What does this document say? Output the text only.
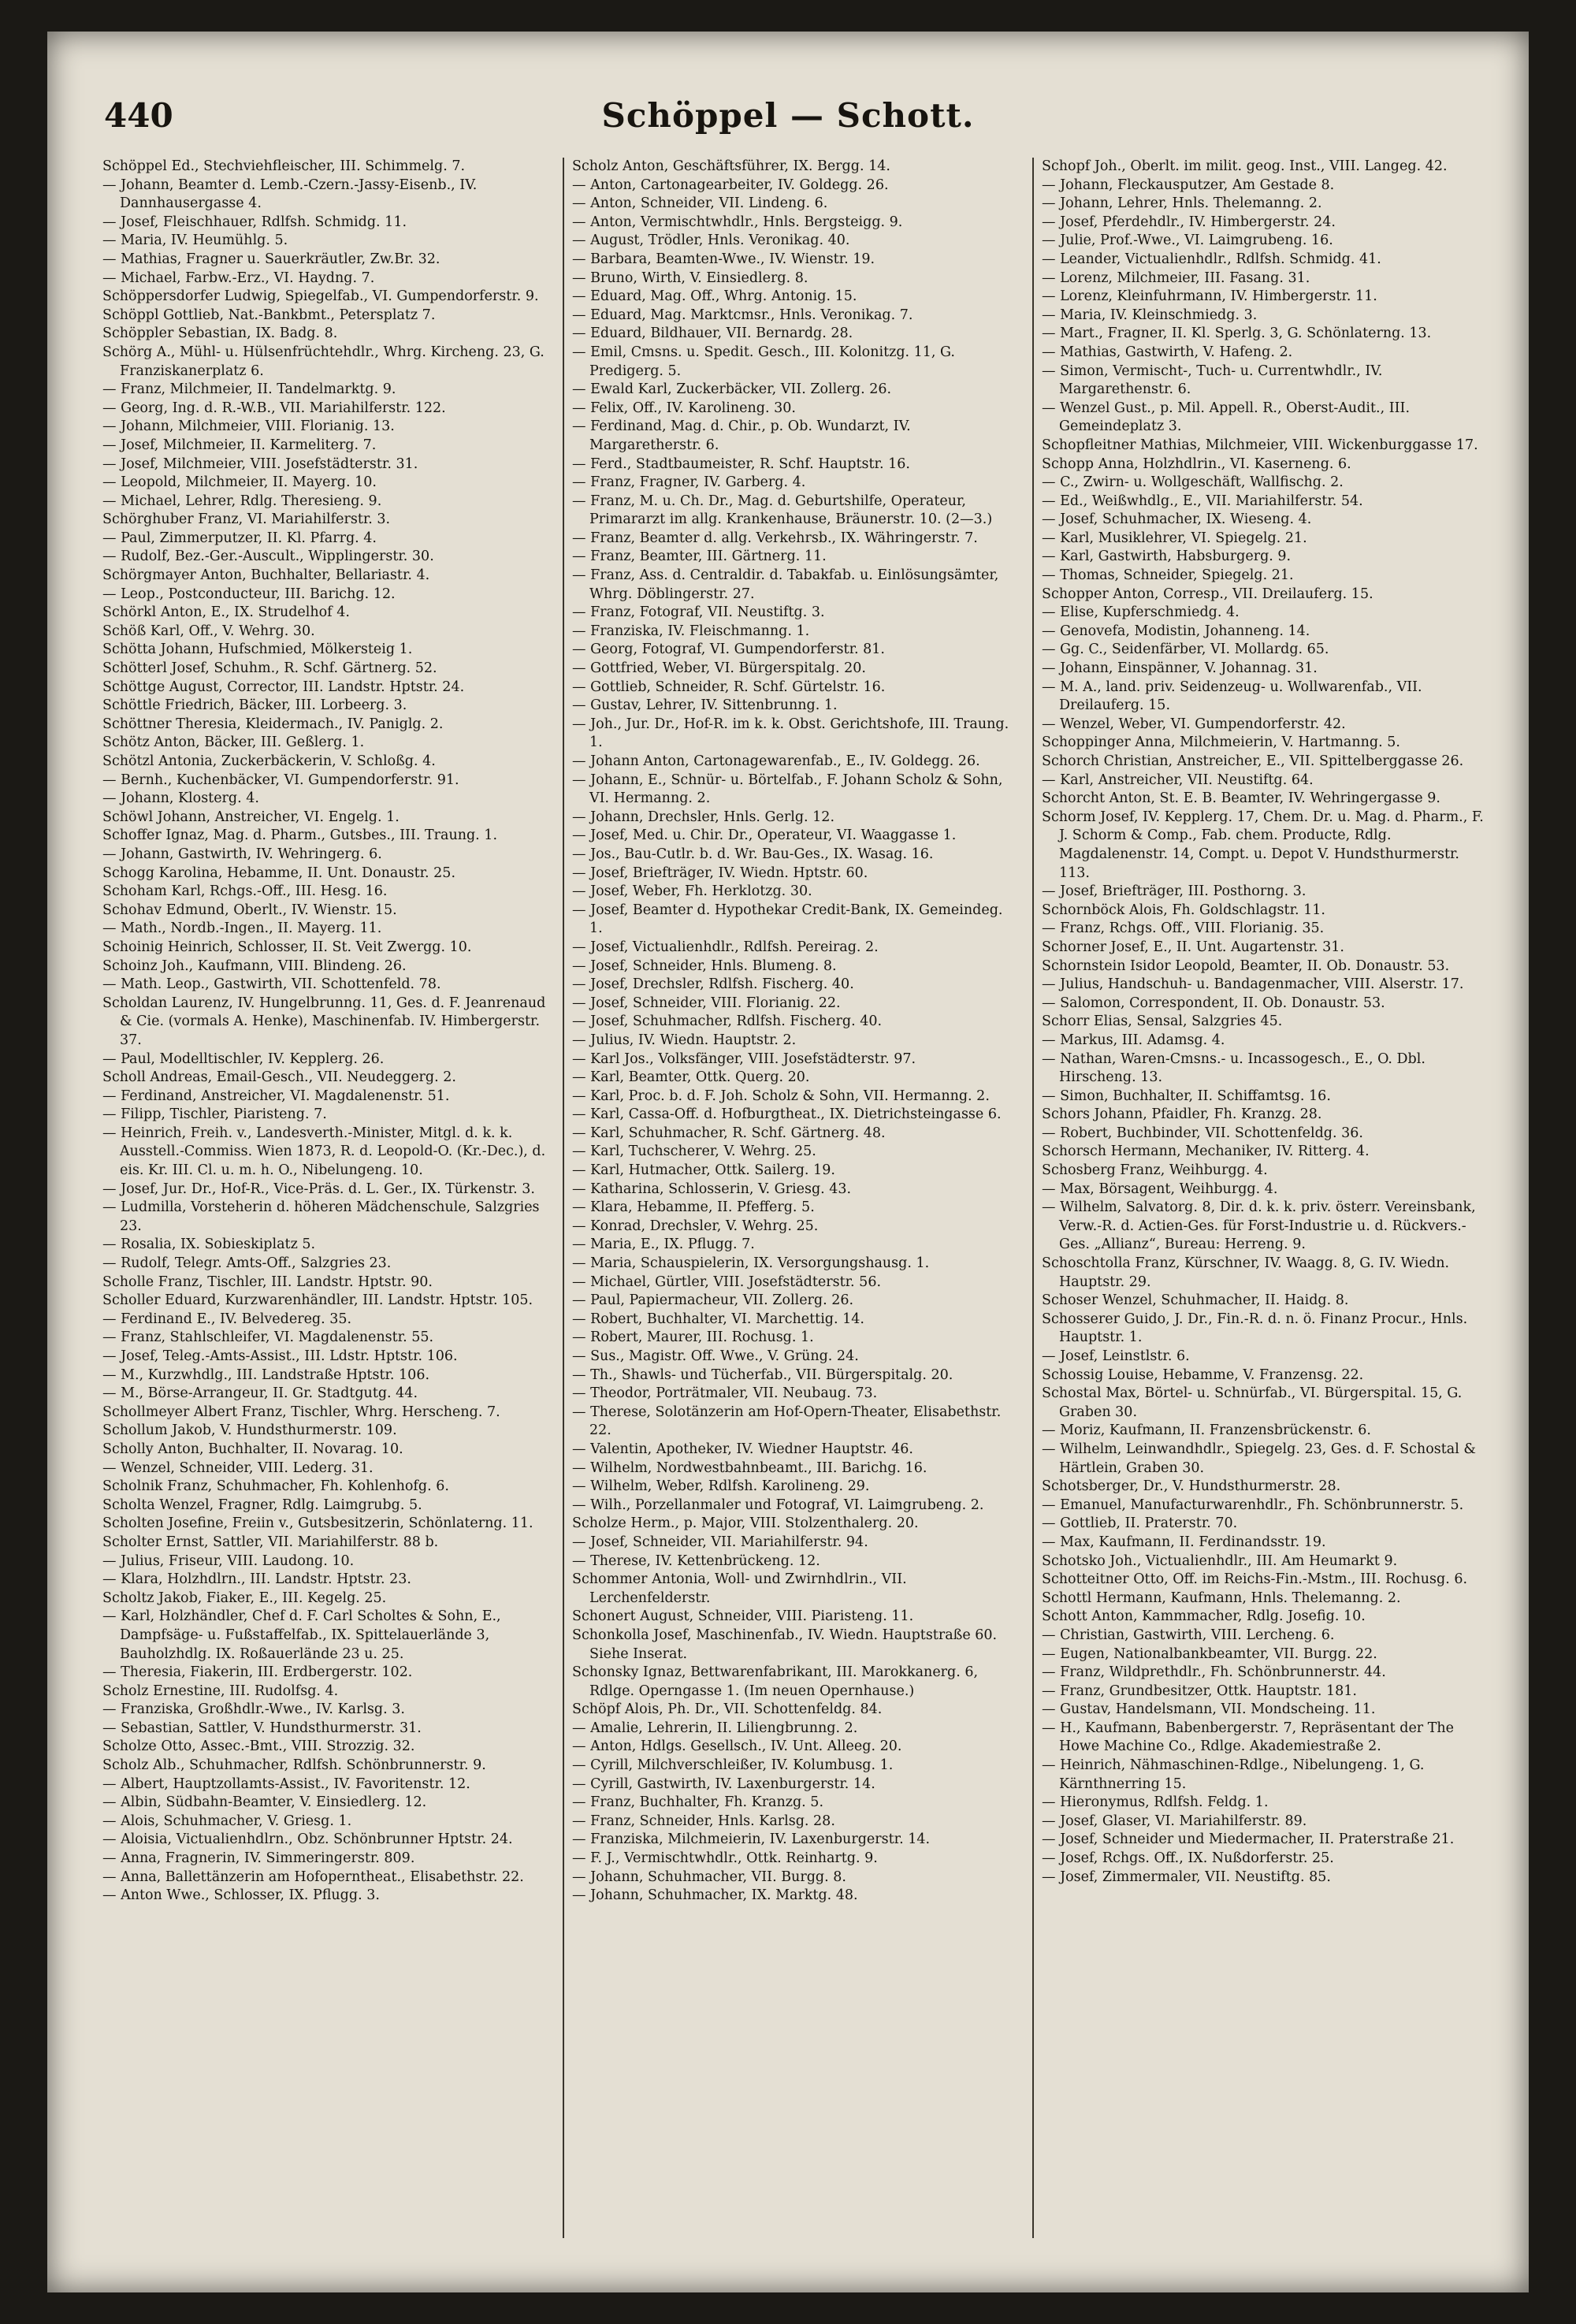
440	Schöppel — Schott.
Schöppel Ed., Stechviehfleischer, III. Schimmelg. 7.
— Johann, Beamter d. Lemb.-Czern.-Jassy-Eisenb., IV. Dannhausergasse 4.
— Josef, Fleischhauer, Rdlfsh. Schmidg. 11.
— Maria, IV. Heumühlg. 5.
— Mathias, Fragner u. Sauerkräutler, Zw.Br. 32.
— Michael, Farbw.-Erz., VI. Haydng. 7.
Schöppersdorfer Ludwig, Spiegelfab., VI. Gumpendorferstr. 9.
Schöppl Gottlieb, Nat.-Bankbmt., Petersplatz 7.
Schöppler Sebastian, IX. Badg. 8.
Schörg A., Mühl- u. Hülsenfrüchtehdlr., Whrg. Kircheng. 23, G. Franziskanerplatz 6.
— Franz, Milchmeier, II. Tandelmarktg. 9.
— Georg, Ing. d. R.-W.B., VII. Mariahilferstr. 122.
— Johann, Milchmeier, VIII. Florianig. 13.
— Josef, Milchmeier, II. Karmeliterg. 7.
— Josef, Milchmeier, VIII. Josefstädterstr. 31.
— Leopold, Milchmeier, II. Mayerg. 10.
— Michael, Lehrer, Rdlg. Theresieng. 9.
Schörghuber Franz, VI. Mariahilferstr. 3.
— Paul, Zimmerputzer, II. Kl. Pfarrg. 4.
— Rudolf, Bez.-Ger.-Auscult., Wipplingerstr. 30.
Schörgmayer Anton, Buchhalter, Bellariastr. 4.
— Leop., Postconducteur, III. Barichg. 12.
Schörkl Anton, E., IX. Strudelhof 4.
Schöß Karl, Off., V. Wehrg. 30.
Schötta Johann, Hufschmied, Mölkersteig 1.
Schötterl Josef, Schuhm., R. Schf. Gärtnerg. 52.
Schöttge August, Corrector, III. Landstr. Hptstr. 24.
Schöttle Friedrich, Bäcker, III. Lorbeerg. 3.
Schöttner Theresia, Kleidermach., IV. Paniglg. 2.
Schötz Anton, Bäcker, III. Geßlerg. 1.
Schötzl Antonia, Zuckerbäckerin, V. Schloßg. 4.
— Bernh., Kuchenbäcker, VI. Gumpendorferstr. 91.
— Johann, Klosterg. 4.
Schöwl Johann, Anstreicher, VI. Engelg. 1.
Schoffer Ignaz, Mag. d. Pharm., Gutsbes., III. Traung. 1.
— Johann, Gastwirth, IV. Wehringerg. 6.
Schogg Karolina, Hebamme, II. Unt. Donaustr. 25.
Schoham Karl, Rchgs.-Off., III. Hesg. 16.
Schohav Edmund, Oberlt., IV. Wienstr. 15.
— Math., Nordb.-Ingen., II. Mayerg. 11.
Schoinig Heinrich, Schlosser, II. St. Veit Zwergg. 10.
Schoinz Joh., Kaufmann, VIII. Blindeng. 26.
— Math. Leop., Gastwirth, VII. Schottenfeld. 78.
Scholdan Laurenz, IV. Hungelbrunng. 11, Ges. d. F. Jeanrenaud & Cie. (vormals A. Henke), Maschinenfab. IV. Himbergerstr. 37.
— Paul, Modelltischler, IV. Kepplerg. 26.
Scholl Andreas, Email-Gesch., VII. Neudeggerg. 2.
— Ferdinand, Anstreicher, VI. Magdalenenstr. 51.
— Filipp, Tischler, Piaristeng. 7.
— Heinrich, Freih. v., Landesverth.-Minister, Mitgl. d. k. k. Ausstell.-Commiss. Wien 1873, R. d. Leopold-O. (Kr.-Dec.), d. eis. Kr. III. Cl. u. m. h. O., Nibelungeng. 10.
— Josef, Jur. Dr., Hof-R., Vice-Präs. d. L. Ger., IX. Türkenstr. 3.
— Ludmilla, Vorsteherin d. höheren Mädchenschule, Salzgries 23.
— Rosalia, IX. Sobieskiplatz 5.
— Rudolf, Telegr. Amts-Off., Salzgries 23.
Scholle Franz, Tischler, III. Landstr. Hptstr. 90.
Scholler Eduard, Kurzwarenhändler, III. Landstr. Hptstr. 105.
— Ferdinand E., IV. Belvedereg. 35.
— Franz, Stahlschleifer, VI. Magdalenenstr. 55.
— Josef, Teleg.-Amts-Assist., III. Ldstr. Hptstr. 106.
— M., Kurzwhdlg., III. Landstraße Hptstr. 106.
— M., Börse-Arrangeur, II. Gr. Stadtgutg. 44.
Schollmeyer Albert Franz, Tischler, Whrg. Herscheng. 7.
Schollum Jakob, V. Hundsthurmerstr. 109.
Scholly Anton, Buchhalter, II. Novarag. 10.
— Wenzel, Schneider, VIII. Lederg. 31.
Scholnik Franz, Schuhmacher, Fh. Kohlenhofg. 6.
Scholta Wenzel, Fragner, Rdlg. Laimgrubg. 5.
Scholten Josefine, Freiin v., Gutsbesitzerin, Schönlaterng. 11.
Scholter Ernst, Sattler, VII. Mariahilferstr. 88 b.
— Julius, Friseur, VIII. Laudong. 10.
— Klara, Holzhdlrn., III. Landstr. Hptstr. 23.
Scholtz Jakob, Fiaker, E., III. Kegelg. 25.
— Karl, Holzhändler, Chef d. F. Carl Scholtes & Sohn, E., Dampfsäge- u. Fußstaffelfab., IX. Spittelauerlände 3, Bauholzhdlg. IX. Roßauerlände 23 u. 25.
— Theresia, Fiakerin, III. Erdbergerstr. 102.
Scholz Ernestine, III. Rudolfsg. 4.
— Franziska, Großhdlr.-Wwe., IV. Karlsg. 3.
— Sebastian, Sattler, V. Hundsthurmerstr. 31.
Scholze Otto, Assec.-Bmt., VIII. Strozzig. 32.
Scholz Alb., Schuhmacher, Rdlfsh. Schönbrunnerstr. 9.
— Albert, Hauptzollamts-Assist., IV. Favoritenstr. 12.
— Albin, Südbahn-Beamter, V. Einsiedlerg. 12.
— Alois, Schuhmacher, V. Griesg. 1.
— Aloisia, Victualienhdlrn., Obz. Schönbrunner Hptstr. 24.
— Anna, Fragnerin, IV. Simmeringerstr. 809.
— Anna, Ballettänzerin am Hofoperntheat., Elisabethstr. 22.
— Anton Wwe., Schlosser, IX. Pflugg. 3.
Scholz Anton, Geschäftsführer, IX. Bergg. 14.
— Anton, Cartonagearbeiter, IV. Goldegg. 26.
— Anton, Schneider, VII. Lindeng. 6.
— Anton, Vermischtwhdlr., Hnls. Bergsteigg. 9.
— August, Trödler, Hnls. Veronikag. 40.
— Barbara, Beamten-Wwe., IV. Wienstr. 19.
— Bruno, Wirth, V. Einsiedlerg. 8.
— Eduard, Mag. Off., Whrg. Antonig. 15.
— Eduard, Mag. Marktcmsr., Hnls. Veronikag. 7.
— Eduard, Bildhauer, VII. Bernardg. 28.
— Emil, Cmsns. u. Spedit. Gesch., III. Kolonitzg. 11, G. Predigerg. 5.
— Ewald Karl, Zuckerbäcker, VII. Zollerg. 26.
— Felix, Off., IV. Karolineng. 30.
— Ferdinand, Mag. d. Chir., p. Ob. Wundarzt, IV. Margaretherstr. 6.
— Ferd., Stadtbaumeister, R. Schf. Hauptstr. 16.
— Franz, Fragner, IV. Garberg. 4.
— Franz, M. u. Ch. Dr., Mag. d. Geburtshilfe, Operateur, Primararzt im allg. Krankenhause, Bräunerstr. 10. (2—3.)
— Franz, Beamter d. allg. Verkehrsb., IX. Währingerstr. 7.
— Franz, Beamter, III. Gärtnerg. 11.
— Franz, Ass. d. Centraldir. d. Tabakfab. u. Einlösungsämter, Whrg. Döblingerstr. 27.
— Franz, Fotograf, VII. Neustiftg. 3.
— Franziska, IV. Fleischmanng. 1.
— Georg, Fotograf, VI. Gumpendorferstr. 81.
— Gottfried, Weber, VI. Bürgerspitalg. 20.
— Gottlieb, Schneider, R. Schf. Gürtelstr. 16.
— Gustav, Lehrer, IV. Sittenbrunng. 1.
— Joh., Jur. Dr., Hof-R. im k. k. Obst. Gerichtshofe, III. Traung. 1.
— Johann Anton, Cartonagewarenfab., E., IV. Goldegg. 26.
— Johann, E., Schnür- u. Börtelfab., F. Johann Scholz & Sohn, VI. Hermanng. 2.
— Johann, Drechsler, Hnls. Gerlg. 12.
— Josef, Med. u. Chir. Dr., Operateur, VI. Waaggasse 1.
— Jos., Bau-Cutlr. b. d. Wr. Bau-Ges., IX. Wasag. 16.
— Josef, Briefträger, IV. Wiedn. Hptstr. 60.
— Josef, Weber, Fh. Herklotzg. 30.
— Josef, Beamter d. Hypothekar Credit-Bank, IX. Gemeindeg. 1.
— Josef, Victualienhdlr., Rdlfsh. Pereirag. 2.
— Josef, Schneider, Hnls. Blumeng. 8.
— Josef, Drechsler, Rdlfsh. Fischerg. 40.
— Josef, Schneider, VIII. Florianig. 22.
— Josef, Schuhmacher, Rdlfsh. Fischerg. 40.
— Julius, IV. Wiedn. Hauptstr. 2.
— Karl Jos., Volksfänger, VIII. Josefstädterstr. 97.
— Karl, Beamter, Ottk. Querg. 20.
— Karl, Proc. b. d. F. Joh. Scholz & Sohn, VII. Hermanng. 2.
— Karl, Cassa-Off. d. Hofburgtheat., IX. Dietrichsteingasse 6.
— Karl, Schuhmacher, R. Schf. Gärtnerg. 48.
— Karl, Tuchscherer, V. Wehrg. 25.
— Karl, Hutmacher, Ottk. Sailerg. 19.
— Katharina, Schlosserin, V. Griesg. 43.
— Klara, Hebamme, II. Pfefferg. 5.
— Konrad, Drechsler, V. Wehrg. 25.
— Maria, E., IX. Pflugg. 7.
— Maria, Schauspielerin, IX. Versorgungshausg. 1.
— Michael, Gürtler, VIII. Josefstädterstr. 56.
— Paul, Papiermacheur, VII. Zollerg. 26.
— Robert, Buchhalter, VI. Marchettig. 14.
— Robert, Maurer, III. Rochusg. 1.
— Sus., Magistr. Off. Wwe., V. Grüng. 24.
— Th., Shawls- und Tücherfab., VII. Bürgerspitalg. 20.
— Theodor, Porträtmaler, VII. Neubaug. 73.
— Therese, Solotänzerin am Hof-Opern-Theater, Elisabethstr. 22.
— Valentin, Apotheker, IV. Wiedner Hauptstr. 46.
— Wilhelm, Nordwestbahnbeamt., III. Barichg. 16.
— Wilhelm, Weber, Rdlfsh. Karolineng. 29.
— Wilh., Porzellanmaler und Fotograf, VI. Laimgrubeng. 2.
Scholze Herm., p. Major, VIII. Stolzenthalerg. 20.
— Josef, Schneider, VII. Mariahilferstr. 94.
— Therese, IV. Kettenbrückeng. 12.
Schommer Antonia, Woll- und Zwirnhdlrin., VII. Lerchenfelderstr.
Schonert August, Schneider, VIII. Piaristeng. 11.
Schonkolla Josef, Maschinenfab., IV. Wiedn. Hauptstraße 60. Siehe Inserat.
Schonsky Ignaz, Bettwarenfabrikant, III. Marokkanerg. 6, Rdlge. Operngasse 1. (Im neuen Opernhause.)
Schöpf Alois, Ph. Dr., VII. Schottenfeldg. 84.
— Amalie, Lehrerin, II. Liliengbrunng. 2.
— Anton, Hdlgs. Gesellsch., IV. Unt. Alleeg. 20.
— Cyrill, Milchverschleißer, IV. Kolumbusg. 1.
— Cyrill, Gastwirth, IV. Laxenburgerstr. 14.
— Franz, Buchhalter, Fh. Kranzg. 5.
— Franz, Schneider, Hnls. Karlsg. 28.
— Franziska, Milchmeierin, IV. Laxenburgerstr. 14.
— F. J., Vermischtwhdlr., Ottk. Reinhartg. 9.
— Johann, Schuhmacher, VII. Burgg. 8.
— Johann, Schuhmacher, IX. Marktg. 48.
Schopf Joh., Oberlt. im milit. geog. Inst., VIII. Langeg. 42.
— Johann, Fleckausputzer, Am Gestade 8.
— Johann, Lehrer, Hnls. Thelemanng. 2.
— Josef, Pferdehdlr., IV. Himbergerstr. 24.
— Julie, Prof.-Wwe., VI. Laimgrubeng. 16.
— Leander, Victualienhdlr., Rdlfsh. Schmidg. 41.
— Lorenz, Milchmeier, III. Fasang. 31.
— Lorenz, Kleinfuhrmann, IV. Himbergerstr. 11.
— Maria, IV. Kleinschmiedg. 3.
— Mart., Fragner, II. Kl. Sperlg. 3, G. Schönlaterng. 13.
— Mathias, Gastwirth, V. Hafeng. 2.
— Simon, Vermischt-, Tuch- u. Currentwhdlr., IV. Margarethenstr. 6.
— Wenzel Gust., p. Mil. Appell. R., Oberst-Audit., III. Gemeindeplatz 3.
Schopfleitner Mathias, Milchmeier, VIII. Wickenburggasse 17.
Schopp Anna, Holzhdlrin., VI. Kaserneng. 6.
— C., Zwirn- u. Wollgeschäft, Wallfischg. 2.
— Ed., Weißwhdlg., E., VII. Mariahilferstr. 54.
— Josef, Schuhmacher, IX. Wieseng. 4.
— Karl, Musiklehrer, VI. Spiegelg. 21.
— Karl, Gastwirth, Habsburgerg. 9.
— Thomas, Schneider, Spiegelg. 21.
Schopper Anton, Corresp., VII. Dreilauferg. 15.
— Elise, Kupferschmiedg. 4.
— Genovefa, Modistin, Johanneng. 14.
— Gg. C., Seidenfärber, VI. Mollardg. 65.
— Johann, Einspänner, V. Johannag. 31.
— M. A., land. priv. Seidenzeug- u. Wollwarenfab., VII. Dreilauferg. 15.
— Wenzel, Weber, VI. Gumpendorferstr. 42.
Schoppinger Anna, Milchmeierin, V. Hartmanng. 5.
Schorch Christian, Anstreicher, E., VII. Spittelberggasse 26.
— Karl, Anstreicher, VII. Neustiftg. 64.
Schorcht Anton, St. E. B. Beamter, IV. Wehringergasse 9.
Schorm Josef, IV. Kepplerg. 17, Chem. Dr. u. Mag. d. Pharm., F. J. Schorm & Comp., Fab. chem. Producte, Rdlg. Magdalenenstr. 14, Compt. u. Depot V. Hundsthurmerstr. 113.
— Josef, Briefträger, III. Posthorng. 3.
Schornböck Alois, Fh. Goldschlagstr. 11.
— Franz, Rchgs. Off., VIII. Florianig. 35.
Schorner Josef, E., II. Unt. Augartenstr. 31.
Schornstein Isidor Leopold, Beamter, II. Ob. Donaustr. 53.
— Julius, Handschuh- u. Bandagenmacher, VIII. Alserstr. 17.
— Salomon, Correspondent, II. Ob. Donaustr. 53.
Schorr Elias, Sensal, Salzgries 45.
— Markus, III. Adamsg. 4.
— Nathan, Waren-Cmsns.- u. Incassogesch., E., O. Dbl. Hirscheng. 13.
— Simon, Buchhalter, II. Schiffamtsg. 16.
Schors Johann, Pfaidler, Fh. Kranzg. 28.
— Robert, Buchbinder, VII. Schottenfeldg. 36.
Schorsch Hermann, Mechaniker, IV. Ritterg. 4.
Schosberg Franz, Weihburgg. 4.
— Max, Börsagent, Weihburgg. 4.
— Wilhelm, Salvatorg. 8, Dir. d. k. k. priv. österr. Vereinsbank, Verw.-R. d. Actien-Ges. für Forst-Industrie u. d. Rückvers.-Ges. „Allianz“, Bureau: Herreng. 9.
Schoschtolla Franz, Kürschner, IV. Waagg. 8, G. IV. Wiedn. Hauptstr. 29.
Schoser Wenzel, Schuhmacher, II. Haidg. 8.
Schosserer Guido, J. Dr., Fin.-R. d. n. ö. Finanz Procur., Hnls. Hauptstr. 1.
— Josef, Leinstlstr. 6.
Schossig Louise, Hebamme, V. Franzensg. 22.
Schostal Max, Börtel- u. Schnürfab., VI. Bürgerspital. 15, G. Graben 30.
— Moriz, Kaufmann, II. Franzensbrückenstr. 6.
— Wilhelm, Leinwandhdlr., Spiegelg. 23, Ges. d. F. Schostal & Härtlein, Graben 30.
Schotsberger, Dr., V. Hundsthurmerstr. 28.
— Emanuel, Manufacturwarenhdlr., Fh. Schönbrunnerstr. 5.
— Gottlieb, II. Praterstr. 70.
— Max, Kaufmann, II. Ferdinandsstr. 19.
Schotsko Joh., Victualienhdlr., III. Am Heumarkt 9.
Schotteitner Otto, Off. im Reichs-Fin.-Mstm., III. Rochusg. 6.
Schottl Hermann, Kaufmann, Hnls. Thelemanng. 2.
Schott Anton, Kammmacher, Rdlg. Josefig. 10.
— Christian, Gastwirth, VIII. Lercheng. 6.
— Eugen, Nationalbankbeamter, VII. Burgg. 22.
— Franz, Wildprethdlr., Fh. Schönbrunnerstr. 44.
— Franz, Grundbesitzer, Ottk. Hauptstr. 181.
— Gustav, Handelsmann, VII. Mondscheing. 11.
— H., Kaufmann, Babenbergerstr. 7, Repräsentant der The Howe Machine Co., Rdlge. Akademiestraße 2.
— Heinrich, Nähmaschinen-Rdlge., Nibelungeng. 1, G. Kärnthnerring 15.
— Hieronymus, Rdlfsh. Feldg. 1.
— Josef, Glaser, VI. Mariahilferstr. 89.
— Josef, Schneider und Miedermacher, II. Praterstraße 21.
— Josef, Rchgs. Off., IX. Nußdorferstr. 25.
— Josef, Zimmermaler, VII. Neustiftg. 85.
